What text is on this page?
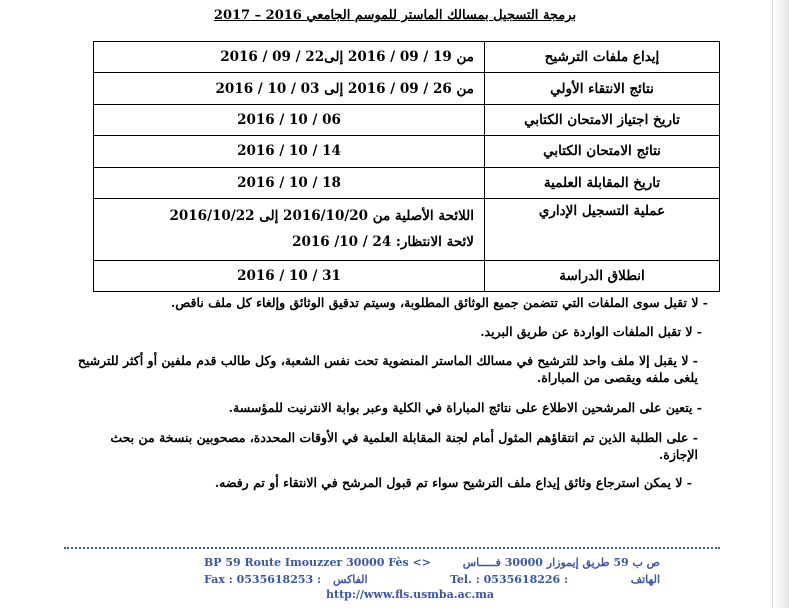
برمجة التسجيل بمسالك الماستر للموسم الجامعي 2016 – 2017
إيداع ملفات الترشيح	من 19 / 09 / 2016 إلى22 / 09 / 2016
نتائج الانتقاء الأولي	من 26 / 09 / 2016 إلى 03 / 10 / 2016
تاريخ اجتياز الامتحان الكتابي	06 / 10 / 2016
نتائج الامتحان الكتابي	14 / 10 / 2016
تاريخ المقابلة العلمية	18 / 10 / 2016
عملية التسجيل الإداري	اللائحة الأصلية من 2016/10/20 إلى 2016/10/22
لائحة الانتظار: 24 / 10/ 2016

انطلاق الدراسة	31 / 10 / 2016

- لا تقبل سوى الملفات التي تتضمن جميع الوثائق المطلوبة، وسيتم تدقيق الوثائق وإلغاء كل ملف ناقص.

- لا تقبل الملفات الواردة عن طريق البريد.

- لا يقبل إلا ملف واحد للترشيح في مسالك الماستر المنضوية تحت نفس الشعبة، وكل طالب قدم ملفين أو أكثر للترشيح يلغى ملفه ويقصى من المباراة.

- يتعين على المرشحين الاطلاع على نتائج المباراة في الكلية وعبر بوابة الانترنيت للمؤسسة.

- على الطلبة الذين تم انتقاؤهم المثول أمام لجنة المقابلة العلمية في الأوقات المحددة، مصحوبين بنسخة من بحث الإجازة.

- لا يمكن استرجاع وثائق إيداع ملف الترشيح سواء تم قبول المرشح في الانتقاء أو تم رفضه.

BP 59 Route Imouzzer 30000 Fès <>	ص ب 59 طريق إيموزار 30000 فـــــاس
Fax : 0535618253 : الفاكس	Tel. : 0535618226 :	الهاتف
http://www.fls.usmba.ac.ma
